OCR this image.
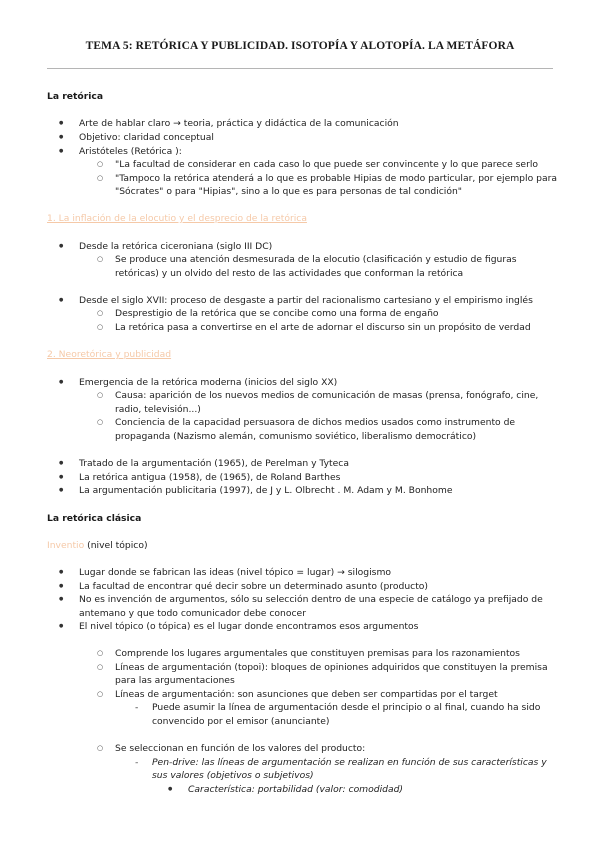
TEMA 5: RETÓRICA Y PUBLICIDAD. ISOTOPÍA Y ALOTOPÍA. LA METÁFORA
La retórica
● Arte de hablar claro → teoria, práctica y didáctica de la comunicación
● Objetivo: claridad conceptual
● Aristóteles (Retórica ):
○ "La facultad de considerar en cada caso lo que puede ser convincente y lo que parece serlo
○ "Tampoco la retórica atenderá a lo que es probable Hipias de modo particular, por ejemplo para
"Sócrates" o para "Hipias", sino a lo que es para personas de tal condición"
1. La inflación de la elocutio y el desprecio de la retórica
● Desde la retórica ciceroniana (siglo III DC)
○ Se produce una atención desmesurada de la elocutio (clasificación y estudio de figuras
retóricas) y un olvido del resto de las actividades que conforman la retórica
● Desde el siglo XVII: proceso de desgaste a partir del racionalismo cartesiano y el empirismo inglés
○ Desprestigio de la retórica que se concibe como una forma de engaño
○ La retórica pasa a convertirse en el arte de adornar el discurso sin un propósito de verdad
2. Neoretórica y publicidad
● Emergencia de la retórica moderna (inicios del siglo XX)
○ Causa: aparición de los nuevos medios de comunicación de masas (prensa, fonógrafo, cine,
radio, televisión...)
○ Conciencia de la capacidad persuasora de dichos medios usados como instrumento de
propaganda (Nazismo alemán, comunismo soviético, liberalismo democrático)
● Tratado de la argumentación (1965), de Perelman y Tyteca
● La retórica antigua (1958), de (1965), de Roland Barthes
● La argumentación publicitaria (1997), de J y L. Olbrecht . M. Adam y M. Bonhome
La retórica clásica
Inventio (nivel tópico)
● Lugar donde se fabrican las ideas (nivel tópico = lugar) → silogismo
● La facultad de encontrar qué decir sobre un determinado asunto (producto)
● No es invención de argumentos, sólo su selección dentro de una especie de catálogo ya prefijado de
antemano y que todo comunicador debe conocer
● El nivel tópico (o tópica) es el lugar donde encontramos esos argumentos
○ Comprende los lugares argumentales que constituyen premisas para los razonamientos
○ Líneas de argumentación (topoi): bloques de opiniones adquiridos que constituyen la premisa
para las argumentaciones
○ Líneas de argumentación: son asunciones que deben ser compartidas por el target
- Puede asumir la línea de argumentación desde el principio o al final, cuando ha sido
convencido por el emisor (anunciante)
○ Se seleccionan en función de los valores del producto:
- Pen-drive: las líneas de argumentación se realizan en función de sus características y
sus valores (objetivos o subjetivos)
● Característica: portabilidad (valor: comodidad)
